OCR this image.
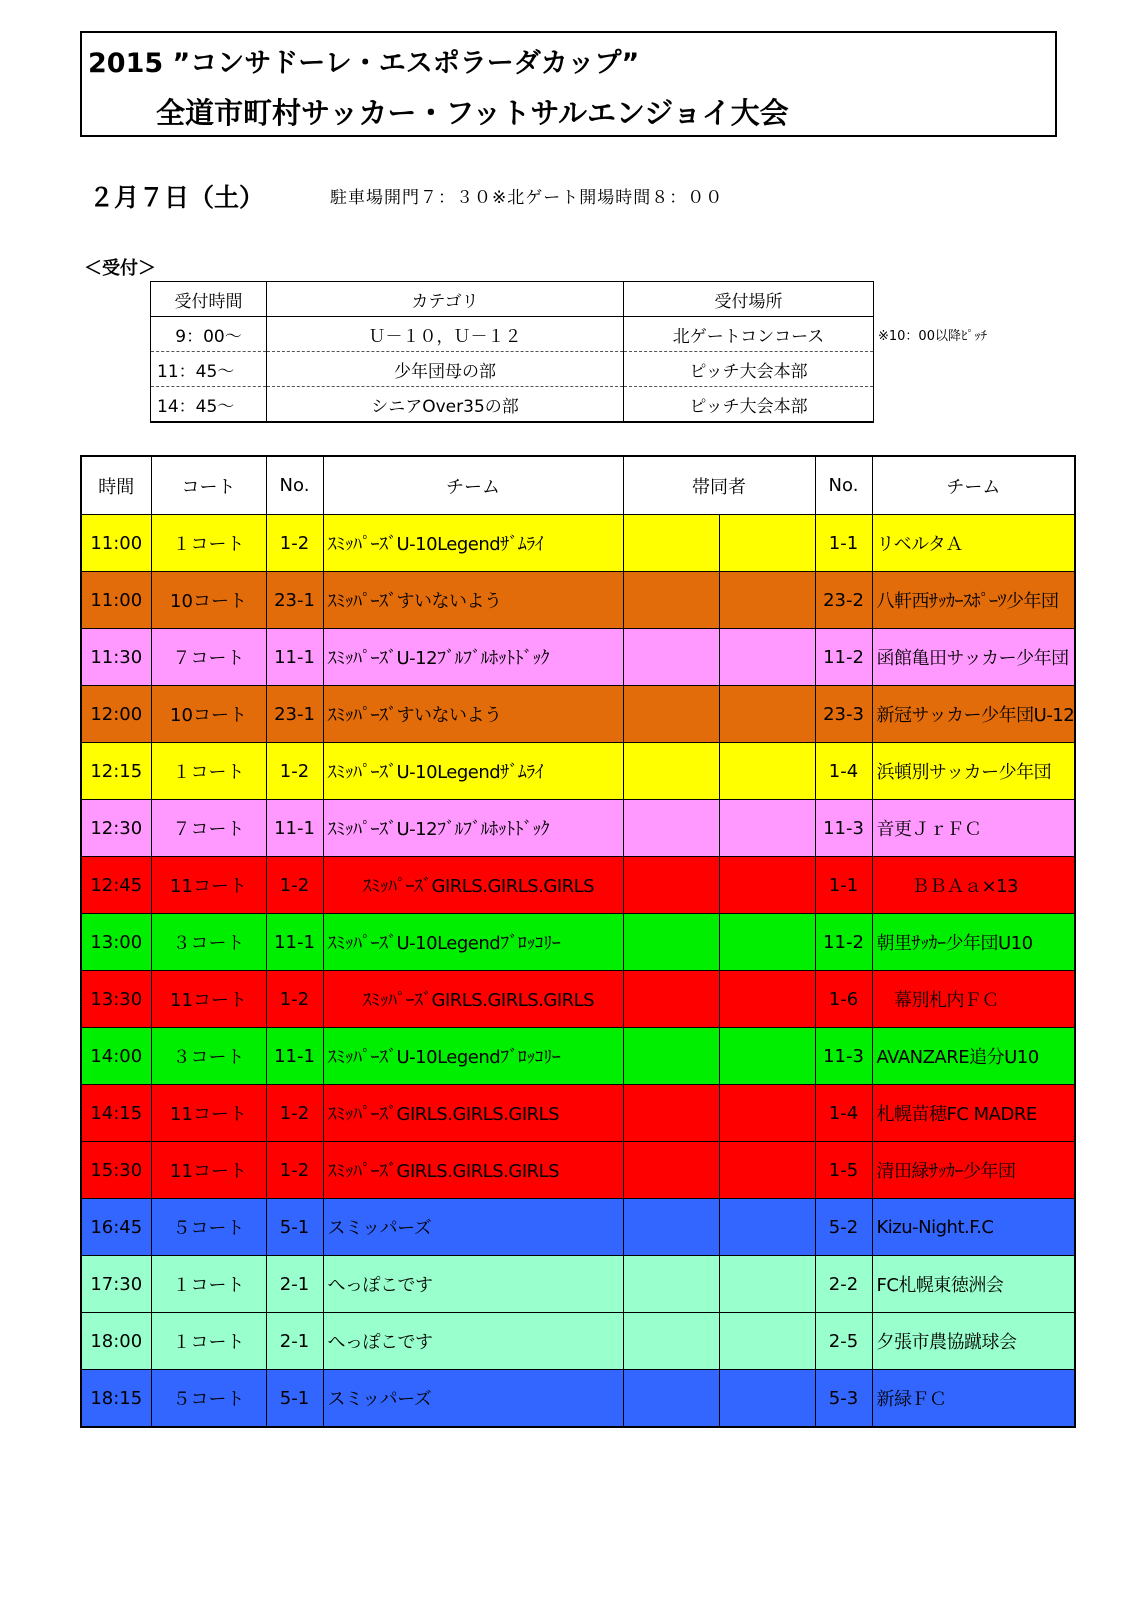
2015 ”コンサドーレ・エスポラーダカップ”
全道市町村サッカー・フットサルエンジョイ大会
２月７日（土）	駐車場開門７：３０※北ゲート開場時間８：００
＜受付＞
受付時間	カテゴリ	受付場所
9：00～	Ｕ－１０，Ｕ－１２	北ゲートコンコース
11：45～	少年団母の部	ピッチ大会本部
14：45～	シニアOver35の部	ピッチ大会本部
※10：00以降ﾋﾟｯﾁ
時間	コート	No.	チーム	帯同者		No.	チーム
11:00	１コート	1-2	ｽﾐｯﾊﾟｰｽﾞU-10Legendｻﾞﾑﾗｲ			1-1	リベルタＡ
11:00	10コート	23-1	ｽﾐｯﾊﾟｰｽﾞすいないよう			23-2	八軒西ｻｯｶｰｽﾎﾟｰﾂ少年団
11:30	７コート	11-1	ｽﾐｯﾊﾟｰｽﾞU-12ﾌﾞﾙﾌﾞﾙﾎｯﾄﾄﾞｯｸ			11-2	函館亀田サッカー少年団
12:00	10コート	23-1	ｽﾐｯﾊﾟｰｽﾞすいないよう			23-3	新冠サッカー少年団U-12
12:15	１コート	1-2	ｽﾐｯﾊﾟｰｽﾞU-10Legendｻﾞﾑﾗｲ			1-4	浜頓別サッカー少年団
12:30	７コート	11-1	ｽﾐｯﾊﾟｰｽﾞU-12ﾌﾞﾙﾌﾞﾙﾎｯﾄﾄﾞｯｸ			11-3	音更ＪｒＦＣ
12:45	11コート	1-2	　　ｽﾐｯﾊﾟｰｽﾞGIRLS.GIRLS.GIRLS			1-1	　　ＢＢＡａ×13
13:00	３コート	11-1	ｽﾐｯﾊﾟｰｽﾞU-10Legendﾌﾞﾛｯｺﾘｰ			11-2	朝里ｻｯｶｰ少年団U10
13:30	11コート	1-2	　　ｽﾐｯﾊﾟｰｽﾞGIRLS.GIRLS.GIRLS			1-6	　幕別札内ＦＣ
14:00	３コート	11-1	ｽﾐｯﾊﾟｰｽﾞU-10Legendﾌﾞﾛｯｺﾘｰ			11-3	AVANZARE追分U10
14:15	11コート	1-2	ｽﾐｯﾊﾟｰｽﾞGIRLS.GIRLS.GIRLS			1-4	札幌苗穂FC MADRE
15:30	11コート	1-2	ｽﾐｯﾊﾟｰｽﾞGIRLS.GIRLS.GIRLS			1-5	清田緑ｻｯｶｰ少年団
16:45	５コート	5-1	スミッパーズ			5-2	Kizu-Night.F.C
17:30	１コート	2-1	へっぽこです			2-2	FC札幌東徳洲会
18:00	１コート	2-1	へっぽこです			2-5	夕張市農協蹴球会
18:15	５コート	5-1	スミッパーズ			5-3	新緑ＦＣ
